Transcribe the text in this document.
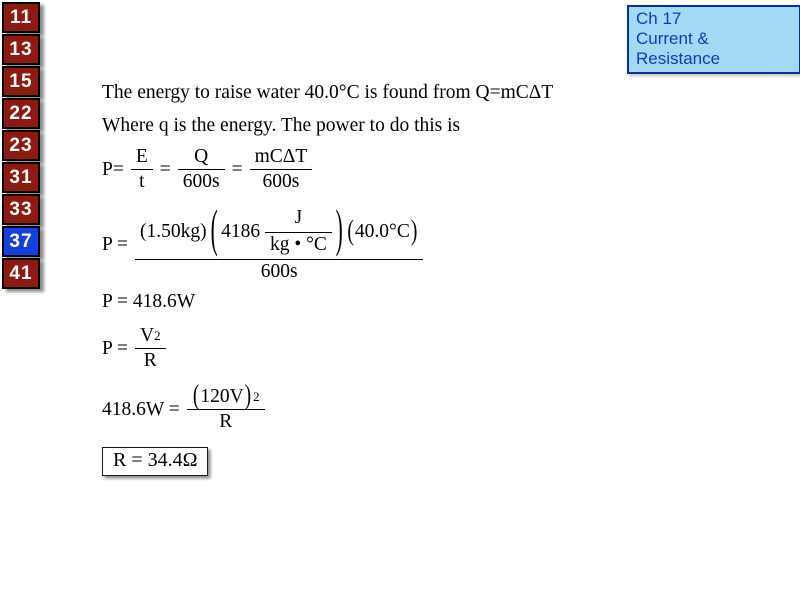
11
13
15
22
23
31
33
37
41
Ch 17
Current & Resistance

The energy to raise water 40.0°C is found from Q=mCΔT

Where q is the energy. The power to do this is

$P= \frac{E}{t} = \frac{Q}{600s} = \frac{\text{mCΔT}}{600s}$
P =
(1.50kg) ( 4186
$\frac{J}{kg • ^\circ C}$ ) ( 40.0°C )
600s
P = 418.6W
$P = \frac{V 2}{R}$
$418.6W = \frac{( 120V ) 2}{R}$
R = 34.4Ω
